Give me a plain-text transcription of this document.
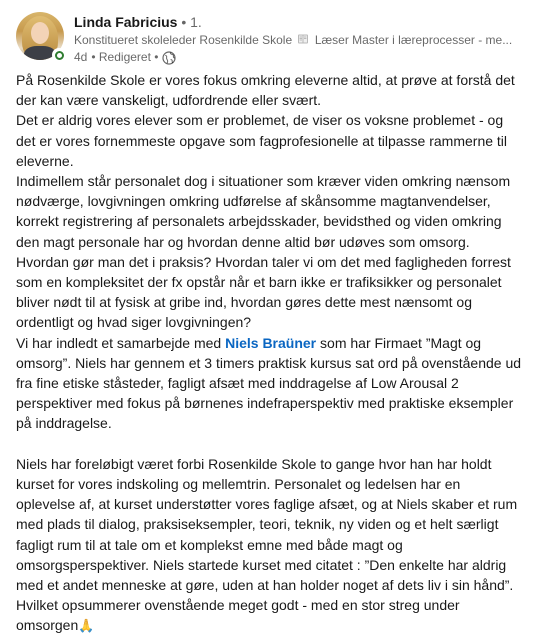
Linda Fabricius • 1.
Konstitueret skoleleder Rosenkilde Skole  Læser Master i læreprocesser - me...
4d • Redigeret •

På Rosenkilde Skole er vores fokus omkring eleverne altid, at prøve at forstå det der kan være vanskeligt, udfordrende eller svært.

Det er aldrig vores elever som er problemet, de viser os voksne problemet - og det er vores fornemmeste opgave som fagprofesionelle at tilpasse rammerne til eleverne.

Indimellem står personalet dog i situationer som kræver viden omkring nænsom nødværge, lovgivningen omkring udførelse af skånsomme magtanvendelser, korrekt registrering af personalets arbejdsskader, bevidsthed og viden omkring den magt personale har og hvordan denne altid bør udøves som omsorg.

Hvordan gør man det i praksis? Hvordan taler vi om det med fagligheden forrest som en kompleksitet der fx opstår når et barn ikke er trafiksikker og personalet bliver nødt til at fysisk at gribe ind, hvordan gøres dette mest nænsomt og ordentligt og hvad siger lovgivningen?

Vi har indledt et samarbejde med Niels Braüner som har Firmaet ”Magt og omsorg”. Niels har gennem et 3 timers praktisk kursus sat ord på ovenstående ud fra fine etiske ståsteder, fagligt afsæt med inddragelse af Low Arousal 2 perspektiver med fokus på børnenes indefraperspektiv med praktiske eksempler på inddragelse.

Niels har foreløbigt været forbi Rosenkilde Skole to gange hvor han har holdt kurset for vores indskoling og mellemtrin. Personalet og ledelsen har en oplevelse af, at kurset understøtter vores faglige afsæt, og at Niels skaber et rum med plads til dialog, praksiseksempler, teori, teknik, ny viden og et helt særligt fagligt rum til at tale om et komplekst emne med både magt og omsorgsperspektiver. Niels startede kurset med citatet : ”Den enkelte har aldrig med et andet menneske at gøre, uden at han holder noget af dets liv i sin hånd”. Hvilket opsummerer ovenstående meget godt - med en stor streg under omsorgen🙏
